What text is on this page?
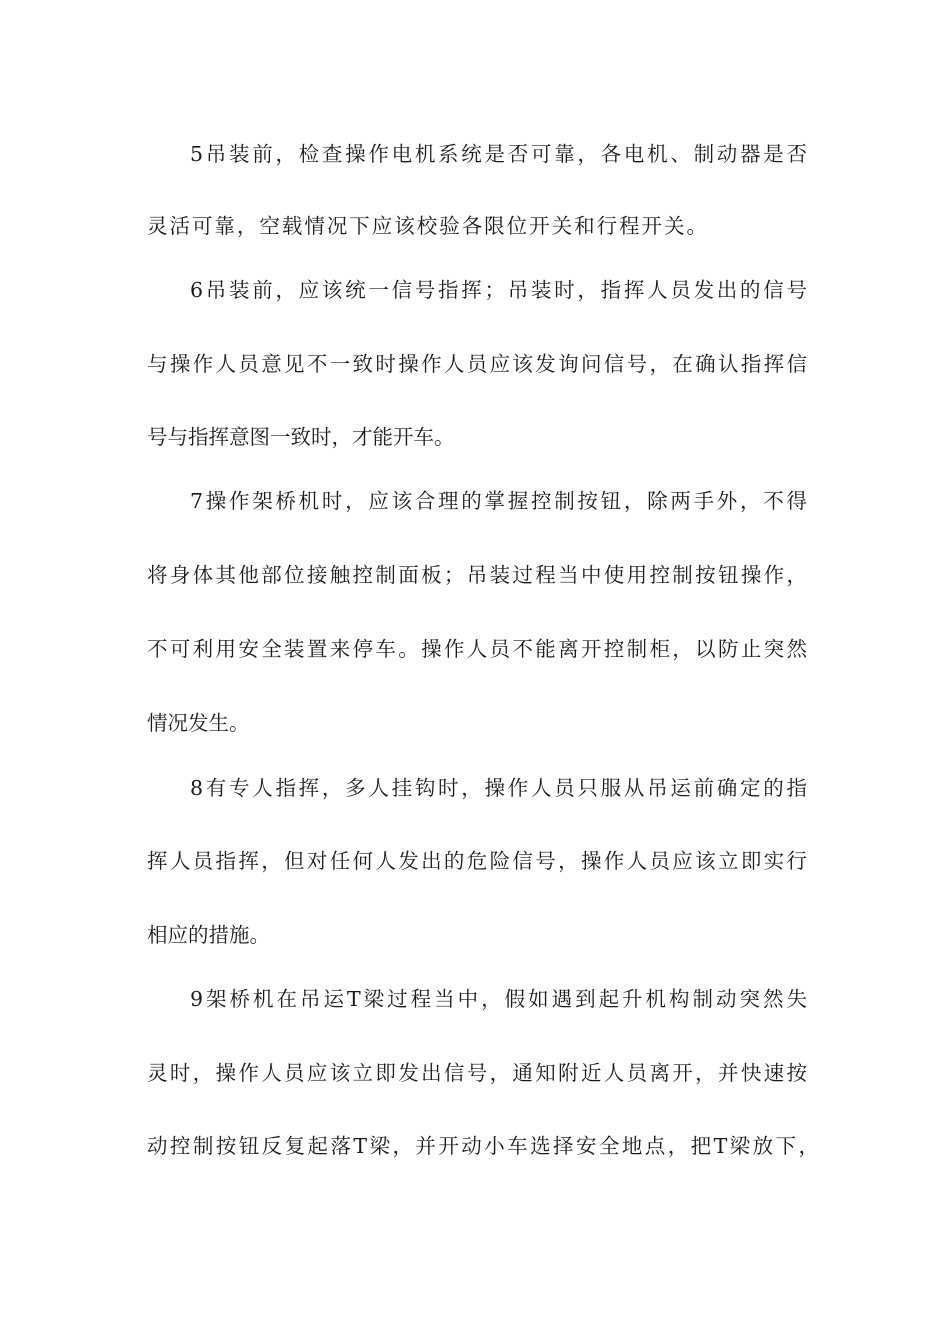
5吊装前，检查操作电机系统是否可靠，各电机、制动器是否
灵活可靠，空载情况下应该校验各限位开关和行程开关。
6吊装前，应该统一信号指挥；吊装时，指挥人员发出的信号
与操作人员意见不一致时操作人员应该发询问信号，在确认指挥信
号与指挥意图一致时，才能开车。
7操作架桥机时，应该合理的掌握控制按钮，除两手外，不得
将身体其他部位接触控制面板；吊装过程当中使用控制按钮操作，
不可利用安全装置来停车。操作人员不能离开控制柜，以防止突然
情况发生。
8有专人指挥，多人挂钩时，操作人员只服从吊运前确定的指
挥人员指挥，但对任何人发出的危险信号，操作人员应该立即实行
相应的措施。
9架桥机在吊运T梁过程当中，假如遇到起升机构制动突然失
灵时，操作人员应该立即发出信号，通知附近人员离开，并快速按
动控制按钮反复起落T梁，并开动小车选择安全地点，把T梁放下，
